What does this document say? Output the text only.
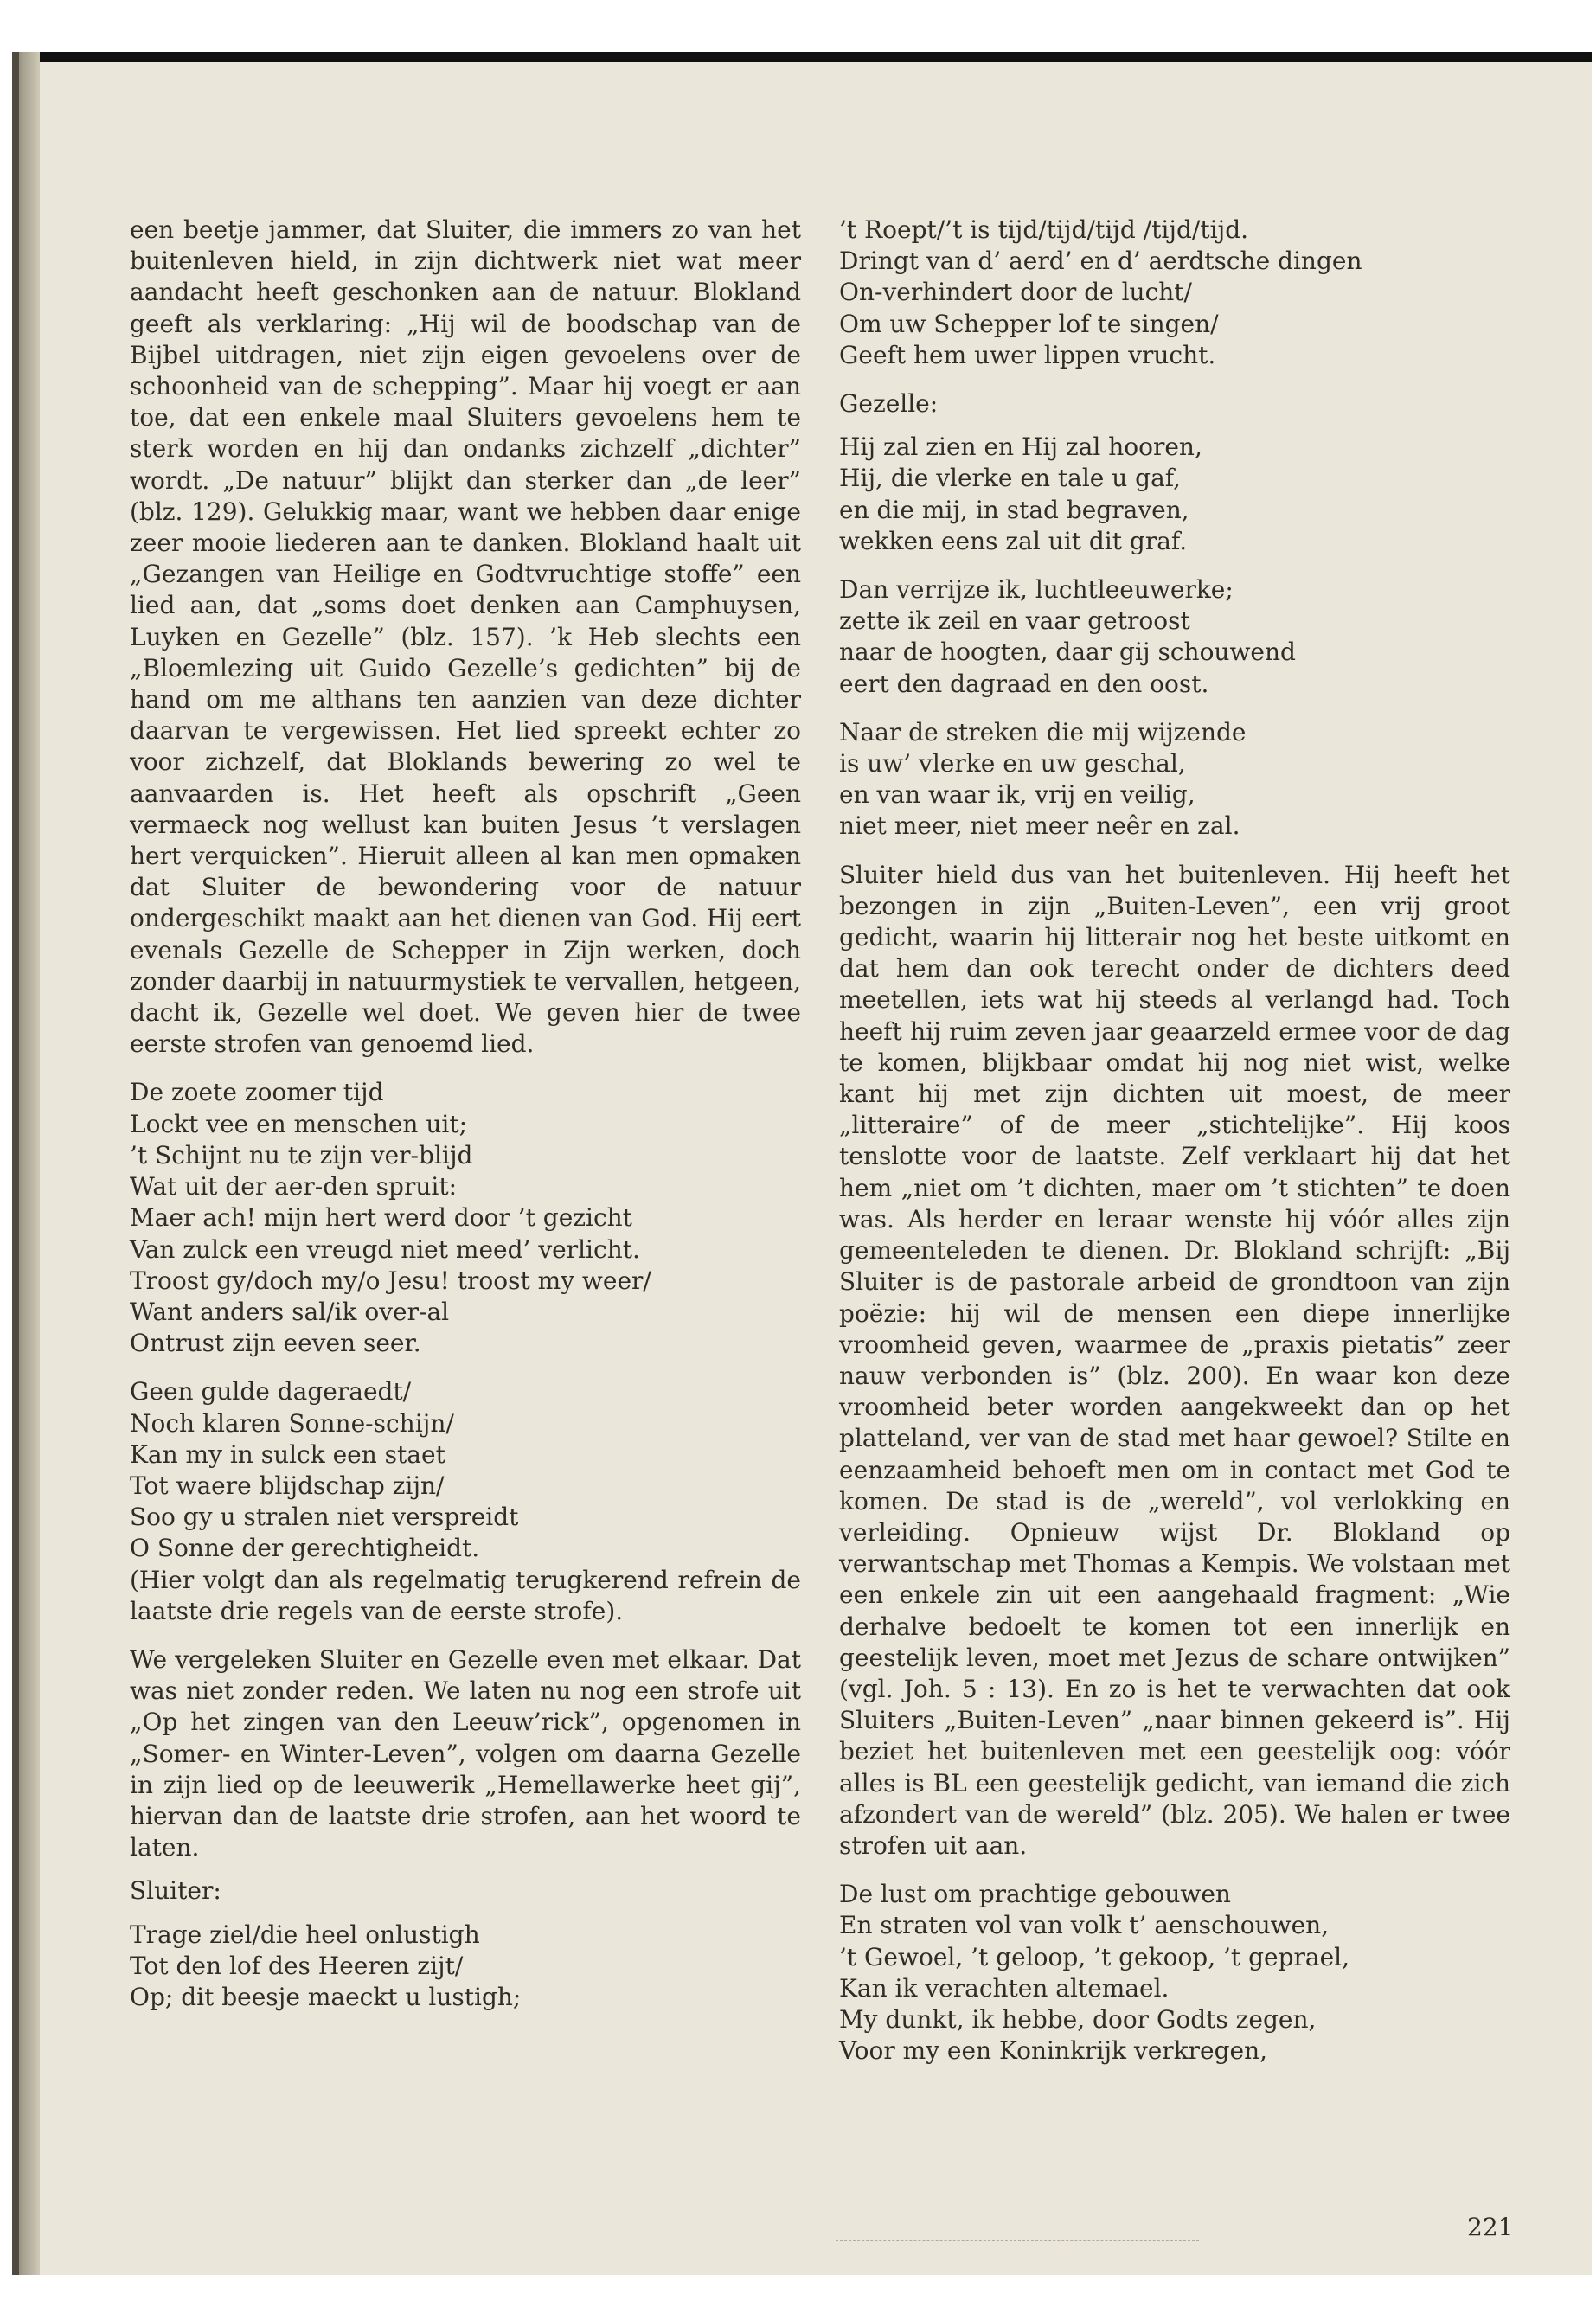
een beetje jammer, dat Sluiter, die immers zo van het buitenleven hield, in zijn dichtwerk niet wat meer aandacht heeft geschonken aan de natuur. Blokland geeft als verklaring: „Hij wil de boodschap van de Bijbel uitdragen, niet zijn eigen gevoelens over de schoonheid van de schepping”. Maar hij voegt er aan toe, dat een enkele maal Sluiters gevoelens hem te sterk worden en hij dan ondanks zichzelf „dichter” wordt. „De natuur” blijkt dan sterker dan „de leer” (blz. 129). Gelukkig maar, want we hebben daar enige zeer mooie liederen aan te danken. Blokland haalt uit „Gezangen van Heilige en Godtvruchtige stoffe” een lied aan, dat „soms doet denken aan Camphuysen, Luyken en Gezelle” (blz. 157). ’k Heb slechts een „Bloemlezing uit Guido Gezelle’s gedichten” bij de hand om me althans ten aanzien van deze dichter daarvan te vergewissen. Het lied spreekt echter zo voor zichzelf, dat Bloklands bewering zo wel te aanvaarden is. Het heeft als opschrift „Geen vermaeck nog wellust kan buiten Jesus ’t verslagen hert verquicken”. Hieruit alleen al kan men opmaken dat Sluiter de bewondering voor de natuur ondergeschikt maakt aan het dienen van God. Hij eert evenals Gezelle de Schepper in Zijn werken, doch zonder daarbij in natuurmystiek te vervallen, hetgeen, dacht ik, Gezelle wel doet. We geven hier de twee eerste strofen van genoemd lied.

De zoete zoomer tijd
Lockt vee en menschen uit;
’t Schijnt nu te zijn ver-blijd
Wat uit der aer-den spruit:
Maer ach! mijn hert werd door ’t gezicht
Van zulck een vreugd niet meed’ verlicht.
Troost gy/doch my/o Jesu! troost my weer/
Want anders sal/ik over-al
Ontrust zijn eeven seer.

Geen gulde dageraedt/
Noch klaren Sonne-schijn/
Kan my in sulck een staet
Tot waere blijdschap zijn/
Soo gy u stralen niet verspreidt
O Sonne der gerechtigheidt.

(Hier volgt dan als regelmatig terugkerend refrein de laatste drie regels van de eerste strofe).

We vergeleken Sluiter en Gezelle even met elkaar. Dat was niet zonder reden. We laten nu nog een strofe uit „Op het zingen van den Leeuw’rick”, opgenomen in „Somer- en Winter-Leven”, volgen om daarna Gezelle in zijn lied op de leeuwerik „Hemellawerke heet gij”, hiervan dan de laatste drie strofen, aan het woord te laten.

Sluiter:

Trage ziel/die heel onlustigh
Tot den lof des Heeren zijt/
Op; dit beesje maeckt u lustigh;

’t Roept/’t is tijd/tijd/tijd /tijd/tijd.
Dringt van d’ aerd’ en d’ aerdtsche dingen
On-verhindert door de lucht/
Om uw Schepper lof te singen/
Geeft hem uwer lippen vrucht.

Gezelle:

Hij zal zien en Hij zal hooren,
Hij, die vlerke en tale u gaf,
en die mij, in stad begraven,
wekken eens zal uit dit graf.

Dan verrijze ik, luchtleeuwerke;
zette ik zeil en vaar getroost
naar de hoogten, daar gij schouwend
eert den dagraad en den oost.

Naar de streken die mij wijzende
is uw’ vlerke en uw geschal,
en van waar ik, vrij en veilig,
niet meer, niet meer neêr en zal.

Sluiter hield dus van het buitenleven. Hij heeft het bezongen in zijn „Buiten-Leven”, een vrij groot gedicht, waarin hij litterair nog het beste uitkomt en dat hem dan ook terecht onder de dichters deed meetellen, iets wat hij steeds al verlangd had. Toch heeft hij ruim zeven jaar geaarzeld ermee voor de dag te komen, blijkbaar omdat hij nog niet wist, welke kant hij met zijn dichten uit moest, de meer „litteraire” of de meer „stichtelijke”. Hij koos tenslotte voor de laatste. Zelf verklaart hij dat het hem „niet om ’t dichten, maer om ’t stichten” te doen was. Als herder en leraar wenste hij vóór alles zijn gemeenteleden te dienen. Dr. Blokland schrijft: „Bij Sluiter is de pastorale arbeid de grondtoon van zijn poëzie: hij wil de mensen een diepe innerlijke vroomheid geven, waarmee de „praxis pietatis” zeer nauw verbonden is” (blz. 200). En waar kon deze vroomheid beter worden aangekweekt dan op het platteland, ver van de stad met haar gewoel? Stilte en eenzaamheid behoeft men om in contact met God te komen. De stad is de „wereld”, vol verlokking en verleiding. Opnieuw wijst Dr. Blokland op verwantschap met Thomas a Kempis. We volstaan met een enkele zin uit een aangehaald fragment: „Wie derhalve bedoelt te komen tot een innerlijk en geestelijk leven, moet met Jezus de schare ontwijken” (vgl. Joh. 5 : 13). En zo is het te verwachten dat ook Sluiters „Buiten-Leven” „naar binnen gekeerd is”. Hij beziet het buitenleven met een geestelijk oog: vóór alles is BL een geestelijk gedicht, van iemand die zich afzondert van de wereld” (blz. 205). We halen er twee strofen uit aan.

De lust om prachtige gebouwen
En straten vol van volk t’ aenschouwen,
’t Gewoel, ’t geloop, ’t gekoop, ’t geprael,
Kan ik verachten altemael.
My dunkt, ik hebbe, door Godts zegen,
Voor my een Koninkrijk verkregen,

221
